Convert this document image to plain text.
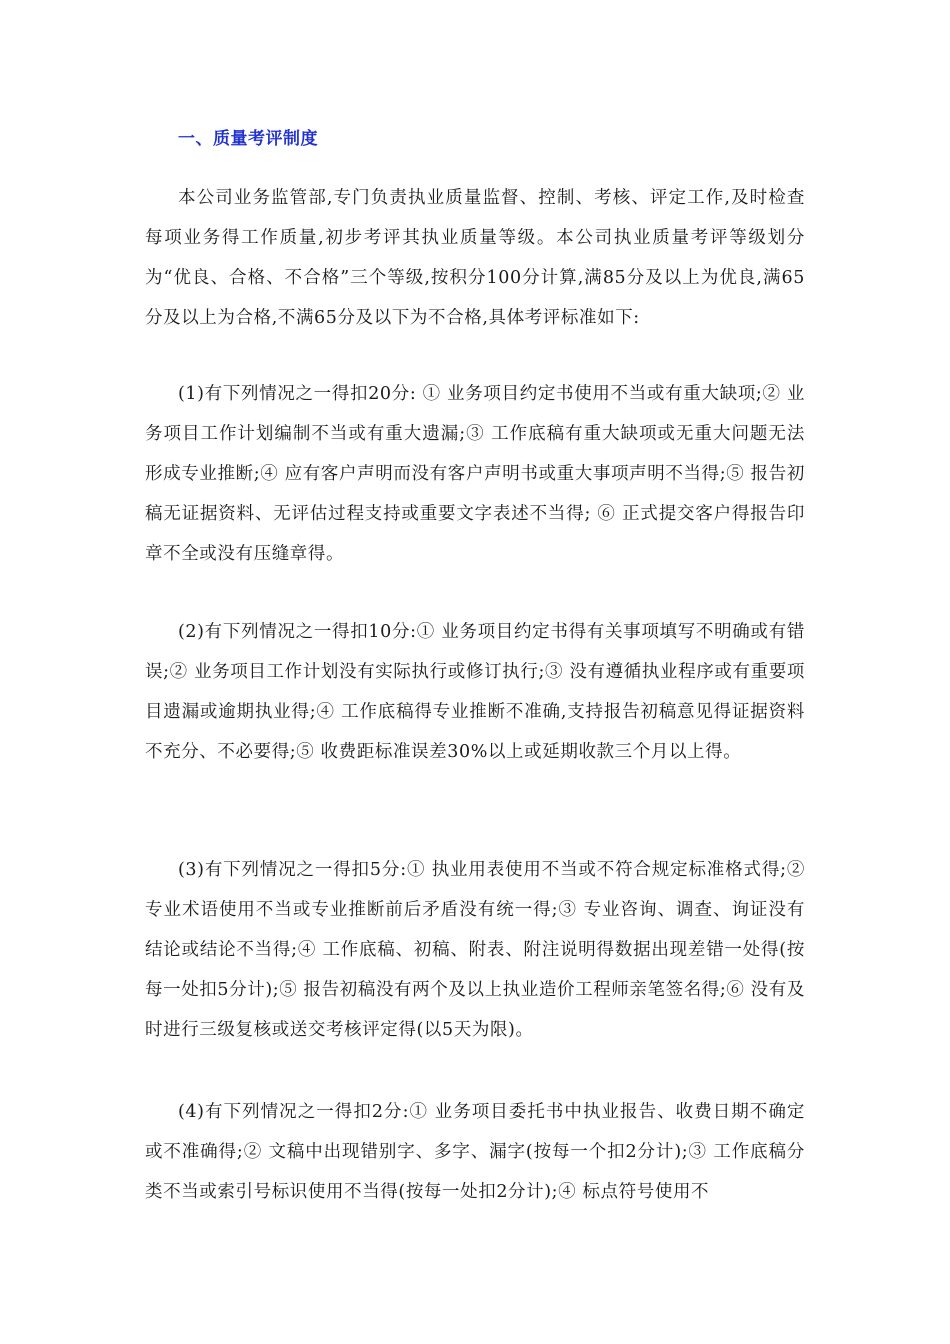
一、质量考评制度

本公司业务监管部,专门负责执业质量监督、控制、考核、评定工作,及时检查每项业务得工作质量,初步考评其执业质量等级。本公司执业质量考评等级划分为“优良、合格、不合格”三个等级,按积分100分计算,满85分及以上为优良,满65分及以上为合格,不满65分及以下为不合格,具体考评标准如下:

(1)有下列情况之一得扣20分: ① 业务项目约定书使用不当或有重大缺项;② 业务项目工作计划编制不当或有重大遗漏;③ 工作底稿有重大缺项或无重大问题无法形成专业推断;④ 应有客户声明而没有客户声明书或重大事项声明不当得;⑤ 报告初稿无证据资料、无评估过程支持或重要文字表述不当得; ⑥ 正式提交客户得报告印章不全或没有压缝章得。

(2)有下列情况之一得扣10分:① 业务项目约定书得有关事项填写不明确或有错误;② 业务项目工作计划没有实际执行或修订执行;③ 没有遵循执业程序或有重要项目遗漏或逾期执业得;④ 工作底稿得专业推断不准确,支持报告初稿意见得证据资料不充分、不必要得;⑤ 收费距标准误差30%以上或延期收款三个月以上得。

(3)有下列情况之一得扣5分:① 执业用表使用不当或不符合规定标准格式得;② 专业术语使用不当或专业推断前后矛盾没有统一得;③ 专业咨询、调查、询证没有结论或结论不当得;④ 工作底稿、初稿、附表、附注说明得数据出现差错一处得(按每一处扣5分计);⑤ 报告初稿没有两个及以上执业造价工程师亲笔签名得;⑥ 没有及时进行三级复核或送交考核评定得(以5天为限)。

(4)有下列情况之一得扣2分:① 业务项目委托书中执业报告、收费日期不确定或不准确得;② 文稿中出现错别字、多字、漏字(按每一个扣2分计);③ 工作底稿分类不当或索引号标识使用不当得(按每一处扣2分计);④ 标点符号使用不
